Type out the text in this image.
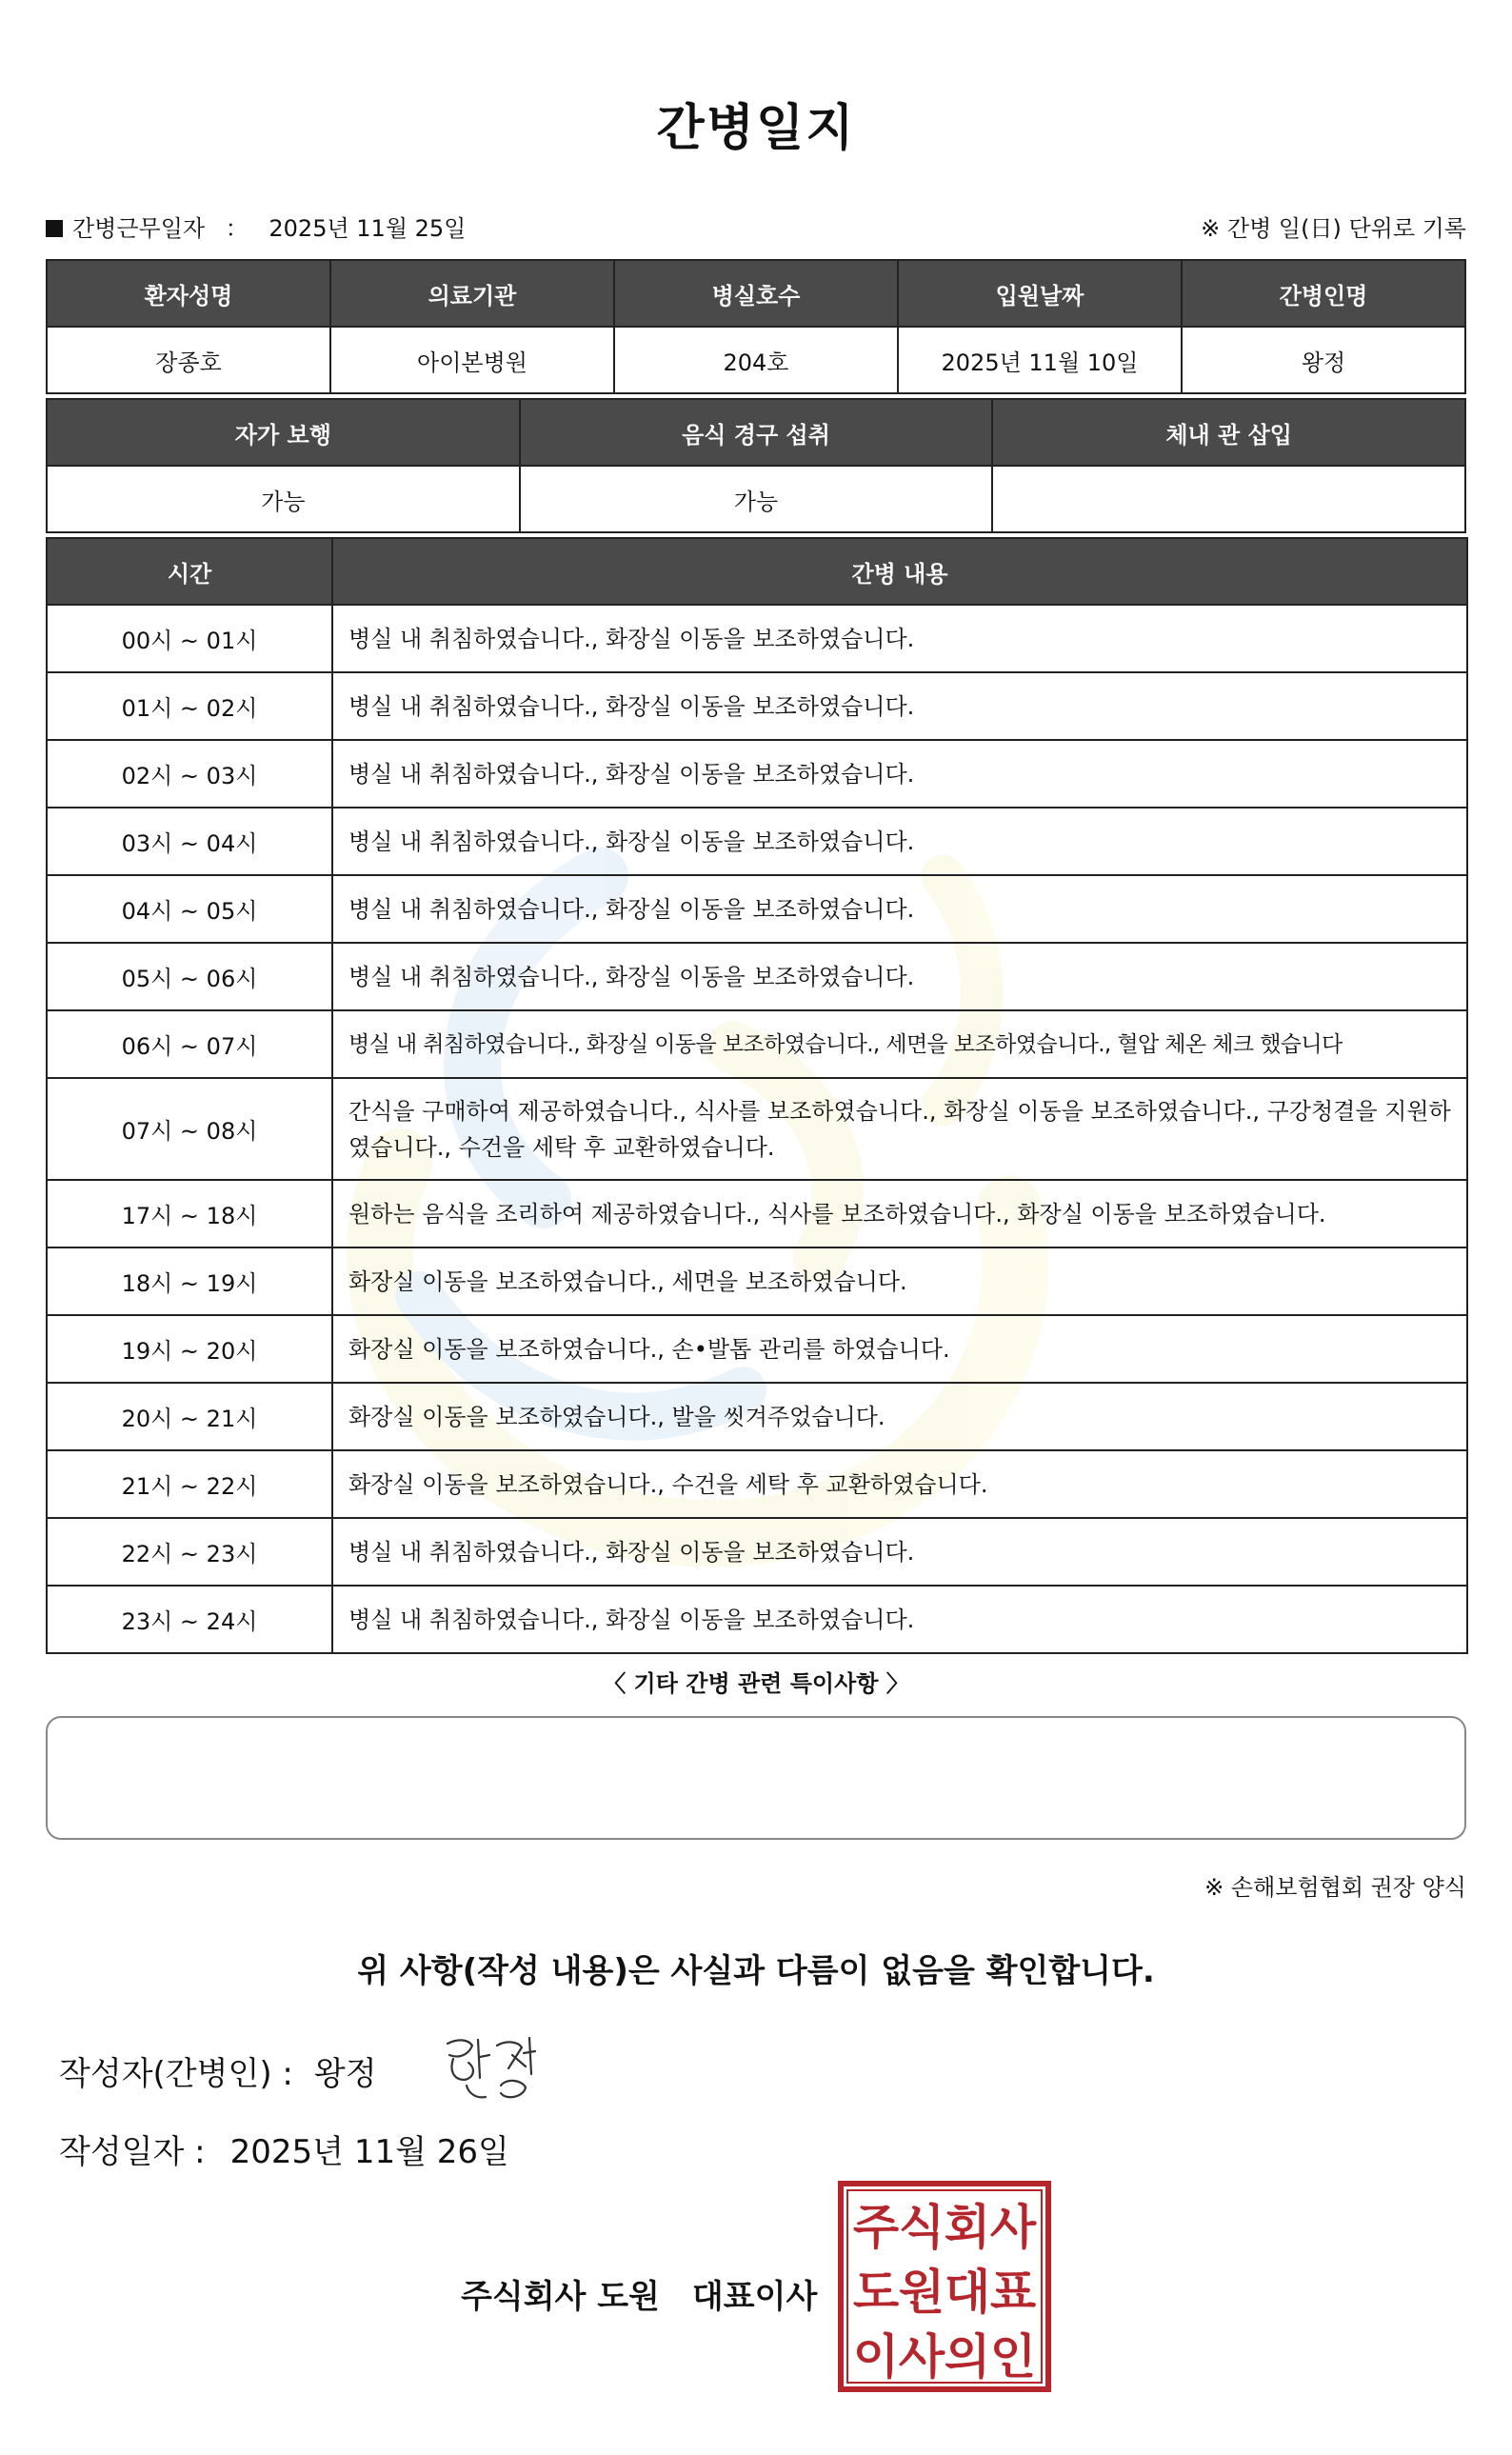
간병일지
간병근무일자 ： 2025년 11월 25일	※ 간병 일(日) 단위로 기록
환자성명	의료기관	병실호수	입원날짜	간병인명
장종호	아이본병원	204호	2025년 11월 10일	왕정
자가 보행	음식 경구 섭취	체내 관 삽입
가능	가능	
시간	간병 내용
00시 ~ 01시	병실 내 취침하였습니다., 화장실 이동을 보조하였습니다.
01시 ~ 02시	병실 내 취침하였습니다., 화장실 이동을 보조하였습니다.
02시 ~ 03시	병실 내 취침하였습니다., 화장실 이동을 보조하였습니다.
03시 ~ 04시	병실 내 취침하였습니다., 화장실 이동을 보조하였습니다.
04시 ~ 05시	병실 내 취침하였습니다., 화장실 이동을 보조하였습니다.
05시 ~ 06시	병실 내 취침하였습니다., 화장실 이동을 보조하였습니다.
06시 ~ 07시	병실 내 취침하였습니다., 화장실 이동을 보조하였습니다., 세면을 보조하였습니다., 혈압 체온 체크 했습니다
07시 ~ 08시	간식을 구매하여 제공하였습니다., 식사를 보조하였습니다., 화장실 이동을 보조하였습니다., 구강청결을 지원하였습니다., 수건을 세탁 후 교환하였습니다.
17시 ~ 18시	원하는 음식을 조리하여 제공하였습니다., 식사를 보조하였습니다., 화장실 이동을 보조하였습니다.
18시 ~ 19시	화장실 이동을 보조하였습니다., 세면을 보조하였습니다.
19시 ~ 20시	화장실 이동을 보조하였습니다., 손•발톱 관리를 하였습니다.
20시 ~ 21시	화장실 이동을 보조하였습니다., 발을 씻겨주었습니다.
21시 ~ 22시	화장실 이동을 보조하였습니다., 수건을 세탁 후 교환하였습니다.
22시 ~ 23시	병실 내 취침하였습니다., 화장실 이동을 보조하였습니다.
23시 ~ 24시	병실 내 취침하였습니다., 화장실 이동을 보조하였습니다.
〈 기타 간병 관련 특이사항 〉
※ 손해보험협회 권장 양식
위 사항(작성 내용)은 사실과 다름이 없음을 확인합니다.
작성자(간병인) : 왕정
작성일자 : 2025년 11월 26일
주식회사 도원 대표이사
주 식 회 사
도 원 대 표
이 사 의 인
